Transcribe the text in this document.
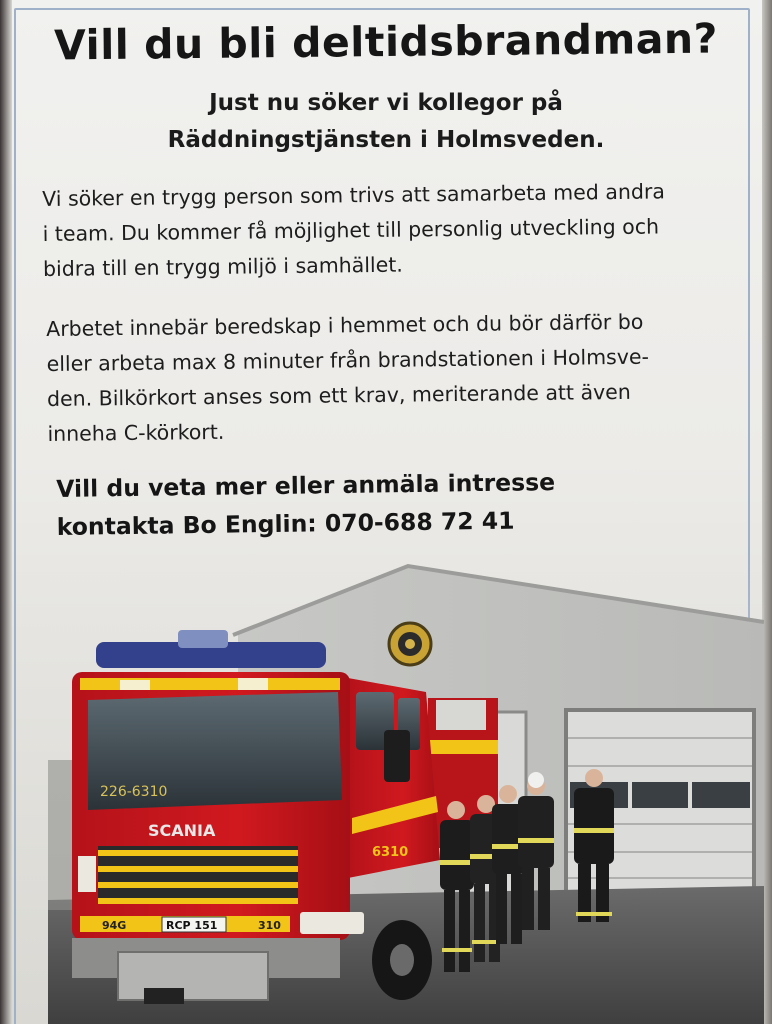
Vill du bli deltidsbrandman?
Just nu söker vi kollegor på
Räddningstjänsten i Holmsveden.
Vi söker en trygg person som trivs att samarbeta med andra
i team. Du kommer få möjlighet till personlig utveckling och
bidra till en trygg miljö i samhället.
Arbetet innebär beredskap i hemmet och du bör därför bo
eller arbeta max 8 minuter från brandstationen i Holmsve-
den. Bilkörkort anses som ett krav, meriterande att även
inneha C-körkort.
Vill du veta mer eller anmäla intresse
kontakta Bo Englin: 070-688 72 41
6310
226-6310
SCANIA
94G	RCP 151	310
